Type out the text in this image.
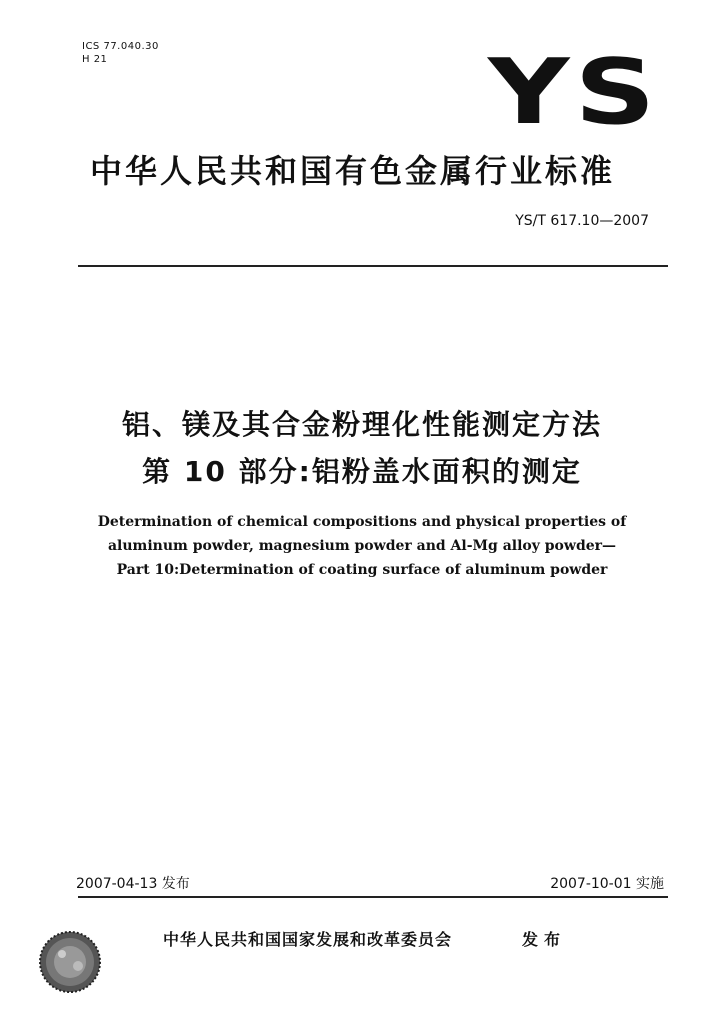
ICS 77.040.30
H 21	YS
中华人民共和国有色金属行业标准
YS/T 617.10—2007
铝、镁及其合金粉理化性能测定方法
第 10 部分:铝粉盖水面积的测定
Determination of chemical compositions and physical properties of
aluminum powder, magnesium powder and Al-Mg alloy powder—
Part 10:Determination of coating surface of aluminum powder
2007-04-13 发布	2007-10-01 实施
中华人民共和国国家发展和改革委员会	发布
